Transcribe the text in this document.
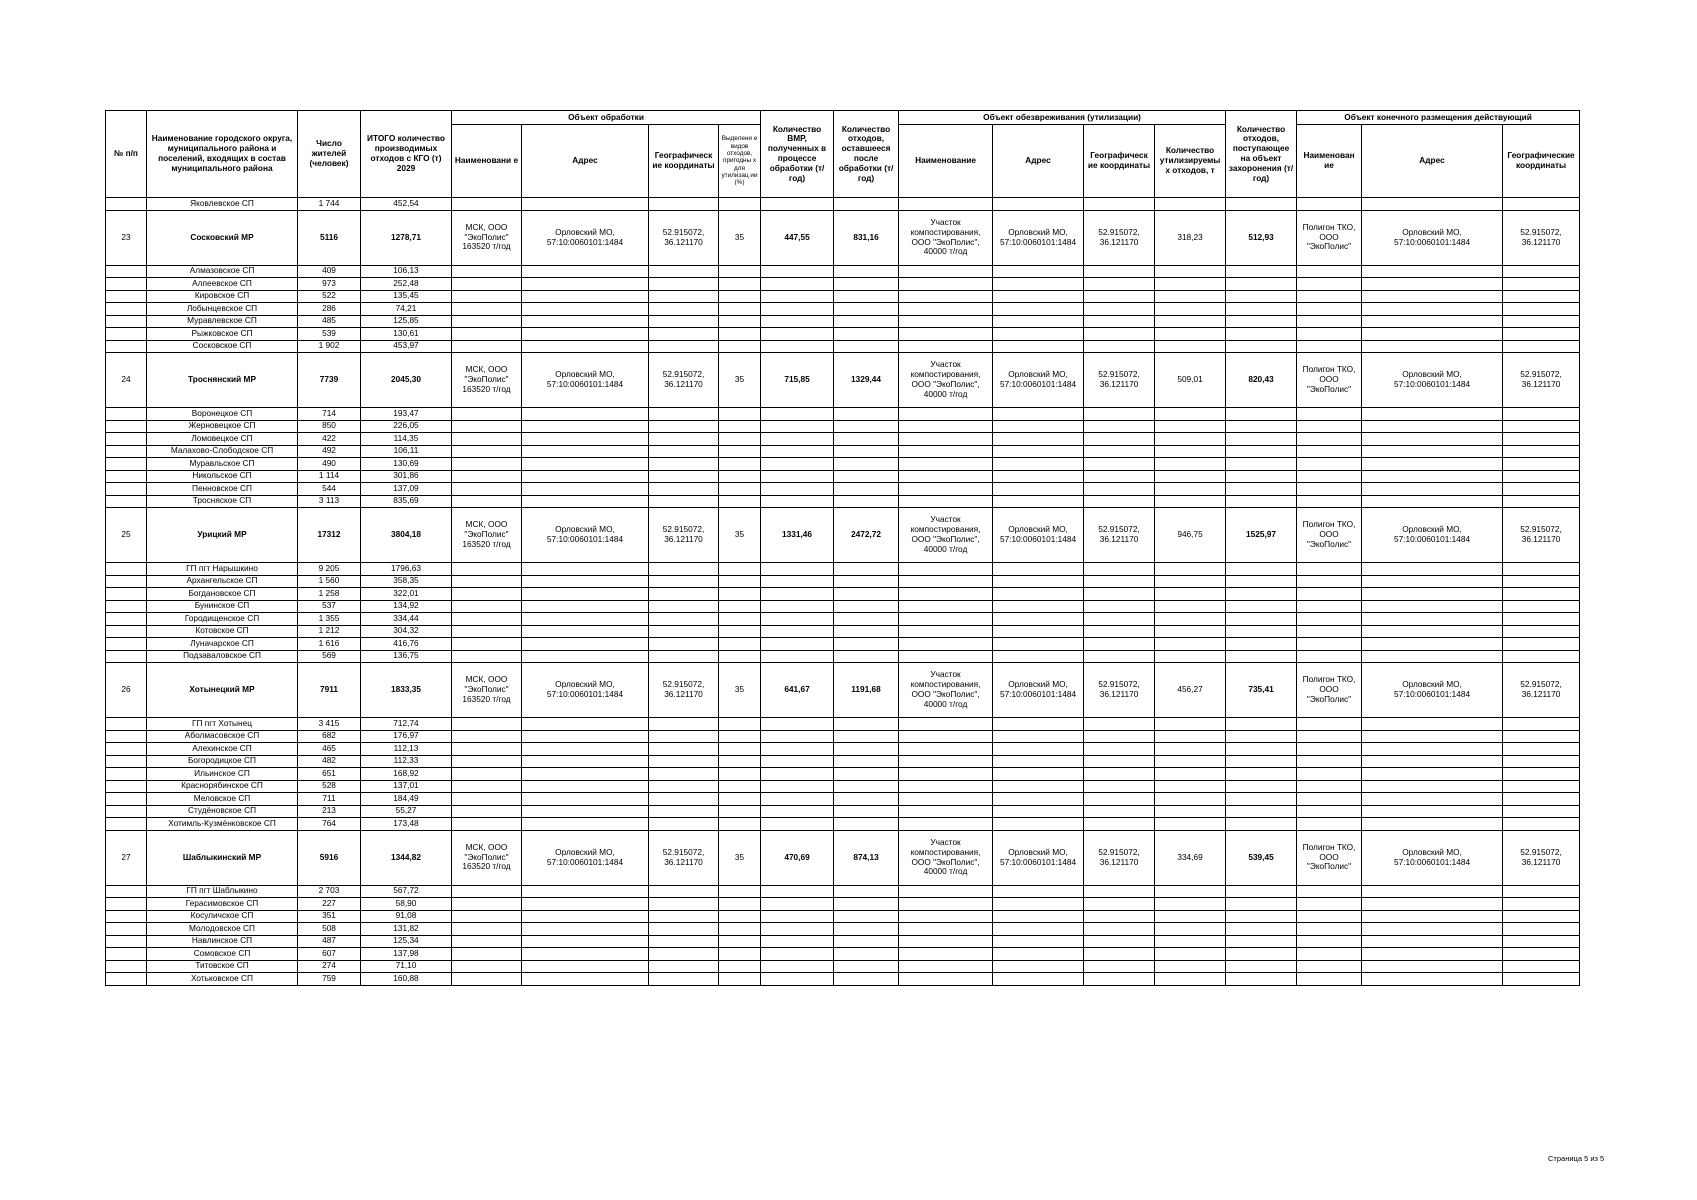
№ п/п	Наименование городского округа, муниципального района и поселений, входящих в состав муниципального района	Число жителей (человек)	ИТОГО количество производимых отходов с КГО (т) 2029	Объект обработки				Количество ВМР, полученных в процессе обработки (т/год)	Количество отходов, оставшееся после обработки (т/год)	Объект обезвреживания (утилизации)				Количество отходов, поступающее на объект захоронения (т/год)	Объект конечного размещения действующий		
				Наименовани е	Адрес	Географическ ие координаты	Выделени е видов отходов, пригодны х для утилизац ии (%)			Наименование	Адрес	Географическ ие координаты	Количество утилизируемы х отходов, т		Наименован ие	Адрес	Географические координаты
	Яковлевское СП	1 744	452,54														
23	Сосковский МР	5116	1278,71	МСК, ООО "ЭкоПолис" 163520 т/год	Орловский МО, 57:10:0060101:1484	52.915072, 36.121170	35	447,55	831,16	Участок компостирования, ООО "ЭкоПолис", 40000 т/год	Орловский МО, 57:10:0060101:1484	52.915072, 36.121170	318,23	512,93	Полигон ТКО, ООО "ЭкоПолис"	Орловский МО, 57:10:0060101:1484	52.915072, 36.121170
	Алмазовское СП	409	106,13														
	Алпеевское СП	973	252,48														
	Кировское СП	522	135,45														
	Лобынцевское СП	286	74,21														
	Муравлевское СП	485	125,85														
	Рыжковское СП	539	130,61														
	Сосковское СП	1 902	453,97														
24	Троснянский МР	7739	2045,30	МСК, ООО "ЭкоПолис" 163520 т/год	Орловский МО, 57:10:0060101:1484	52.915072, 36.121170	35	715,85	1329,44	Участок компостирования, ООО "ЭкоПолис", 40000 т/год	Орловский МО, 57:10:0060101:1484	52.915072, 36.121170	509,01	820,43	Полигон ТКО, ООО "ЭкоПолис"	Орловский МО, 57:10:0060101:1484	52.915072, 36.121170
	Воронецкое СП	714	193,47														
	Жерновецкое СП	850	226,05														
	Ломовецкое СП	422	114,35														
	Малахово-Слободское СП	492	106,11														
	Муравльское СП	490	130,69														
	Никольское СП	1 114	301,86														
	Пенновское СП	544	137,09														
	Тросняское СП	3 113	835,69														
25	Урицкий МР	17312	3804,18	МСК, ООО "ЭкоПолис" 163520 т/год	Орловский МО, 57:10:0060101:1484	52.915072, 36.121170	35	1331,46	2472,72	Участок компостирования, ООО "ЭкоПолис", 40000 т/год	Орловский МО, 57:10:0060101:1484	52.915072, 36.121170	946,75	1525,97	Полигон ТКО, ООО "ЭкоПолис"	Орловский МО, 57:10:0060101:1484	52.915072, 36.121170
	ГП пгт Нарышкино	9 205	1796,63														
	Архангельское СП	1 560	358,35														
	Богдановское СП	1 258	322,01														
	Бунинское СП	537	134,92														
	Городищенское СП	1 355	334,44														
	Котовское СП	1 212	304,32														
	Луначарское СП	1 616	416,76														
	Подзаваловское СП	569	136,75														
26	Хотынецкий МР	7911	1833,35	МСК, ООО "ЭкоПолис" 163520 т/год	Орловский МО, 57:10:0060101:1484	52.915072, 36.121170	35	641,67	1191,68	Участок компостирования, ООО "ЭкоПолис", 40000 т/год	Орловский МО, 57:10:0060101:1484	52.915072, 36.121170	456,27	735,41	Полигон ТКО, ООО "ЭкоПолис"	Орловский МО, 57:10:0060101:1484	52.915072, 36.121170
	ГП пгт Хотынец	3 415	712,74														
	Аболмасовское СП	682	176,97														
	Алехинское СП	465	112,13														
	Богородицкое СП	482	112,33														
	Ильинское СП	651	168,92														
	Краснорябинское СП	528	137,01														
	Меловское СП	711	184,49														
	Студёновское СП	213	55,27														
	Хотимль-Кузмёнковское СП	764	173,48														
27	Шаблыкинский МР	5916	1344,82	МСК, ООО "ЭкоПолис" 163520 т/год	Орловский МО, 57:10:0060101:1484	52.915072, 36.121170	35	470,69	874,13	Участок компостирования, ООО "ЭкоПолис", 40000 т/год	Орловский МО, 57:10:0060101:1484	52.915072, 36.121170	334,69	539,45	Полигон ТКО, ООО "ЭкоПолис"	Орловский МО, 57:10:0060101:1484	52.915072, 36.121170
	ГП пгт Шаблыкино	2 703	567,72														
	Герасимовское СП	227	58,90														
	Косуличское СП	351	91,08														
	Молодовское СП	508	131,82														
	Навлинское СП	487	125,34														
	Сомовское СП	607	137,98														
	Титовское СП	274	71,10														
	Хотьковское СП	759	160,88														
Страница 5 из 5
